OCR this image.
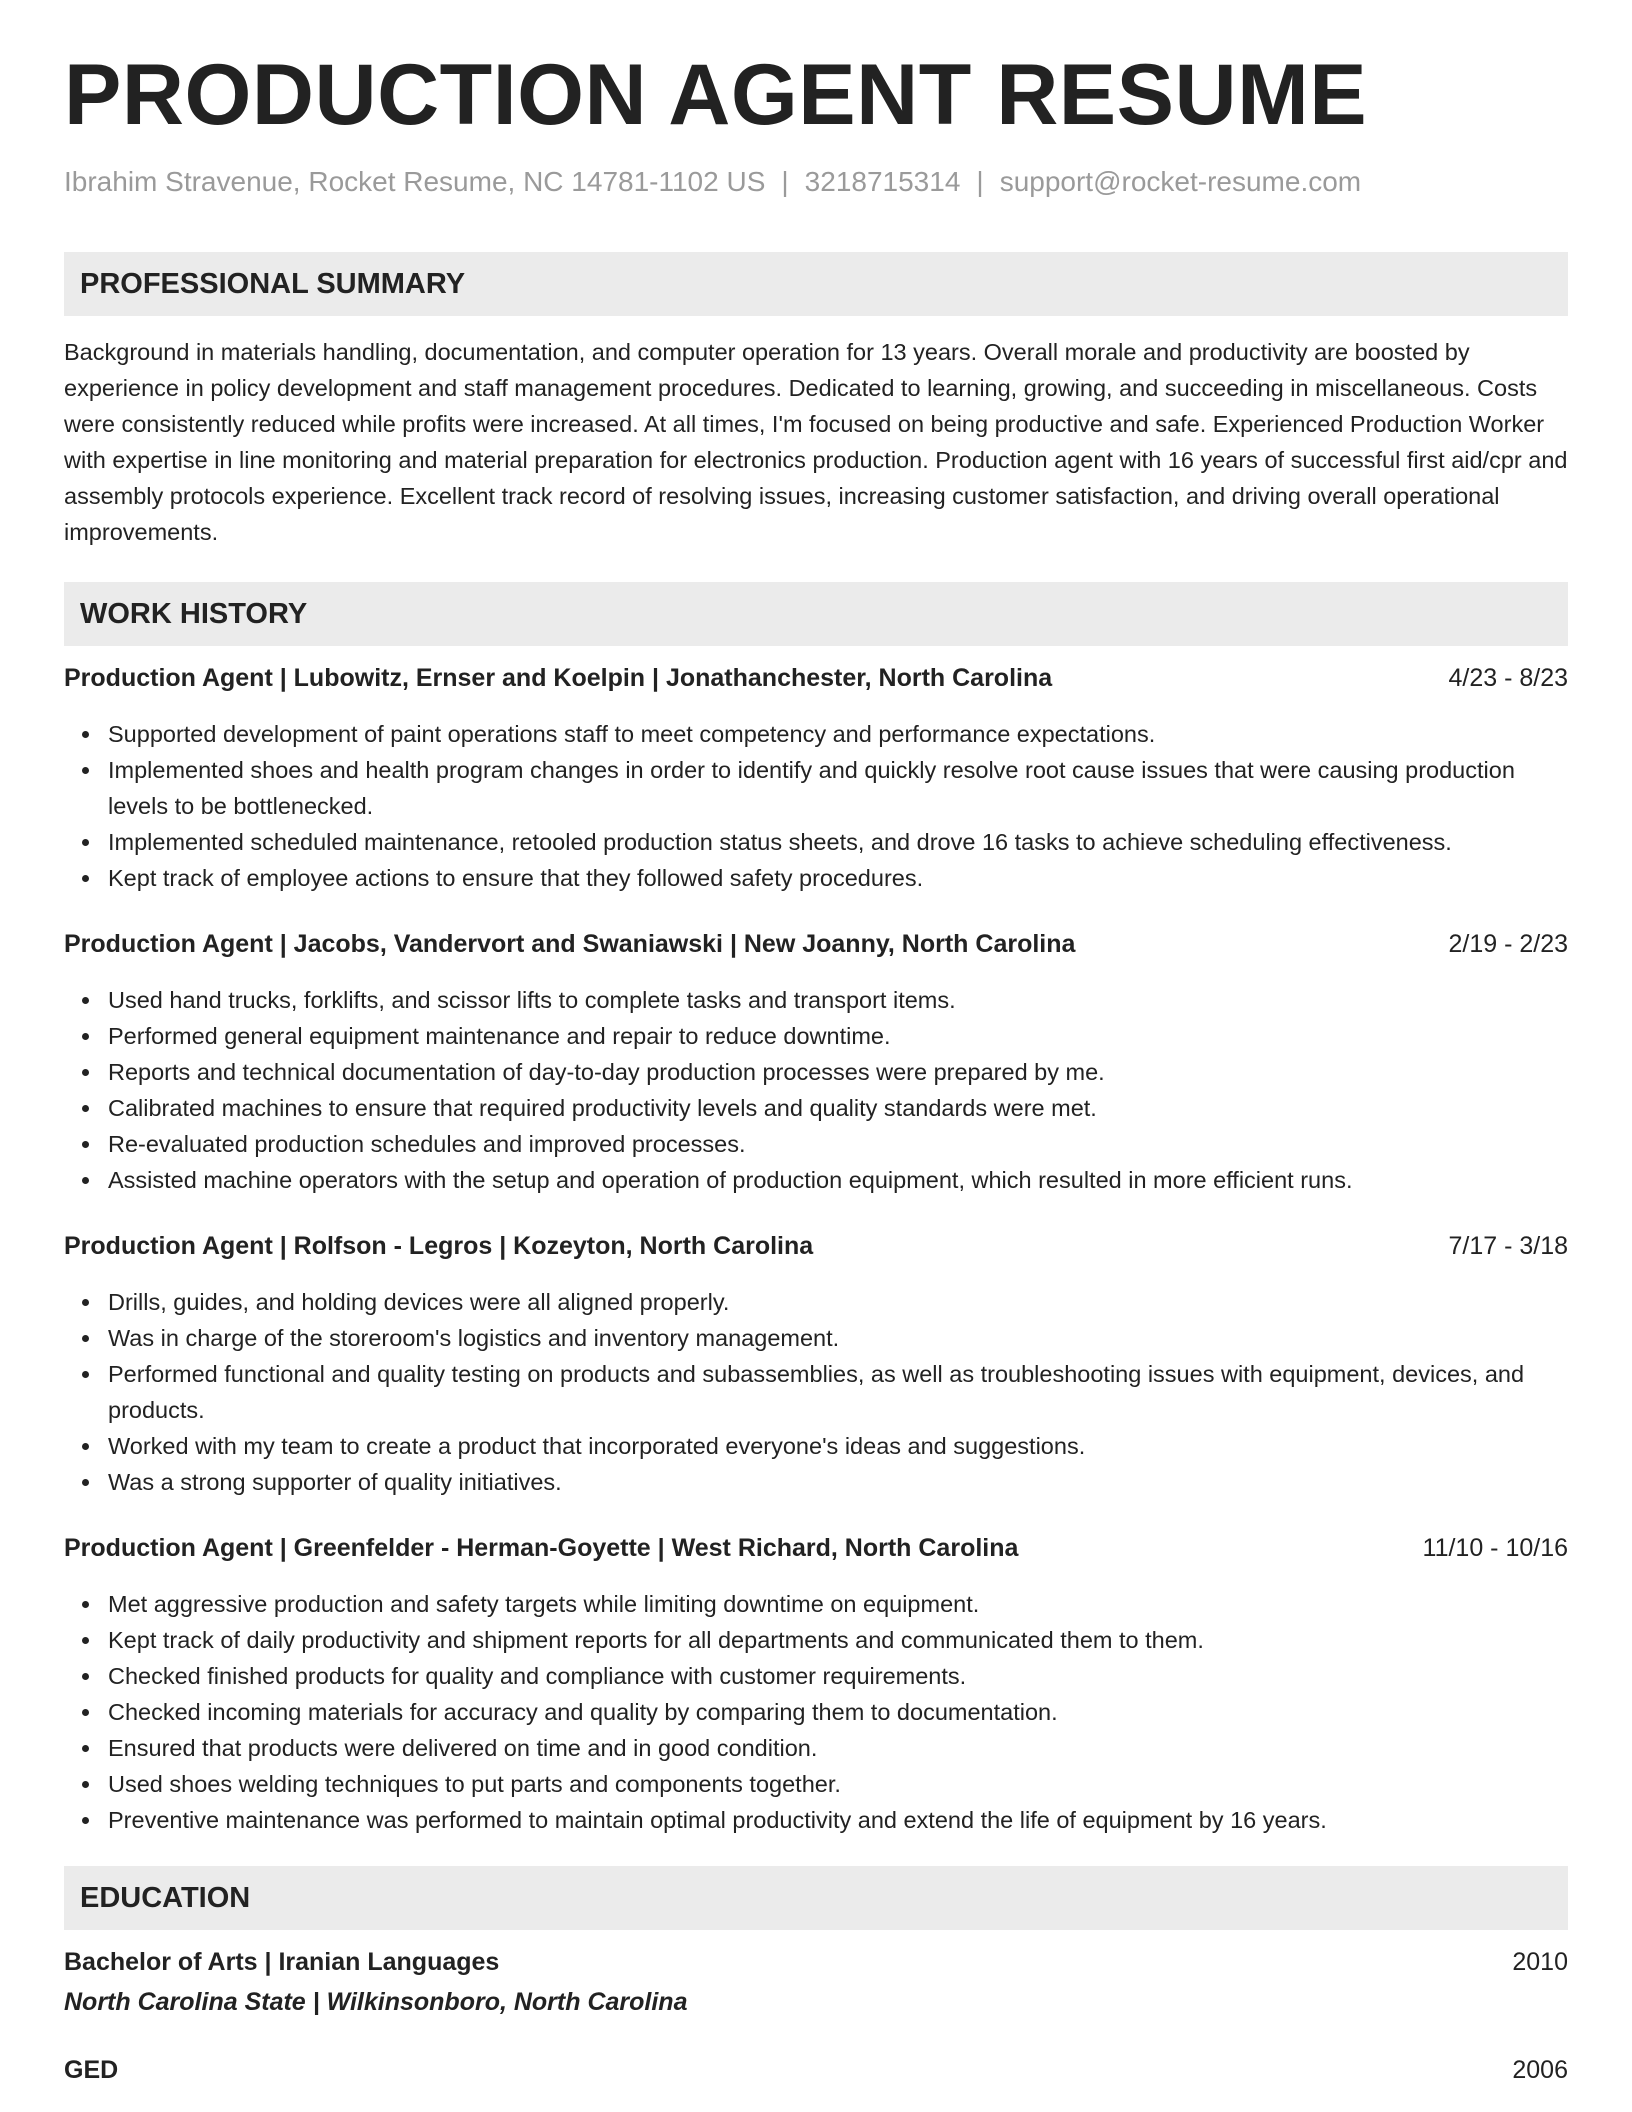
PRODUCTION AGENT RESUME
Ibrahim Stravenue, Rocket Resume, NC 14781-1102 US | 3218715314 | support@rocket-resume.com
PROFESSIONAL SUMMARY

Background in materials handling, documentation, and computer operation for 13 years. Overall morale and productivity are boosted by experience in policy development and staff management procedures. Dedicated to learning, growing, and succeeding in miscellaneous. Costs were consistently reduced while profits were increased. At all times, I'm focused on being productive and safe. Experienced Production Worker with expertise in line monitoring and material preparation for electronics production. Production agent with 16 years of successful first aid/cpr and assembly protocols experience. Excellent track record of resolving issues, increasing customer satisfaction, and driving overall operational improvements.

WORK HISTORY
Production Agent | Lubowitz, Ernser and Koelpin | Jonathanchester, North Carolina	4/23 - 8/23
Supported development of paint operations staff to meet competency and performance expectations.
Implemented shoes and health program changes in order to identify and quickly resolve root cause issues that were causing production levels to be bottlenecked.
Implemented scheduled maintenance, retooled production status sheets, and drove 16 tasks to achieve scheduling effectiveness.
Kept track of employee actions to ensure that they followed safety procedures.
Production Agent | Jacobs, Vandervort and Swaniawski | New Joanny, North Carolina	2/19 - 2/23
Used hand trucks, forklifts, and scissor lifts to complete tasks and transport items.
Performed general equipment maintenance and repair to reduce downtime.
Reports and technical documentation of day-to-day production processes were prepared by me.
Calibrated machines to ensure that required productivity levels and quality standards were met.
Re-evaluated production schedules and improved processes.
Assisted machine operators with the setup and operation of production equipment, which resulted in more efficient runs.
Production Agent | Rolfson - Legros | Kozeyton, North Carolina	7/17 - 3/18
Drills, guides, and holding devices were all aligned properly.
Was in charge of the storeroom's logistics and inventory management.
Performed functional and quality testing on products and subassemblies, as well as troubleshooting issues with equipment, devices, and products.
Worked with my team to create a product that incorporated everyone's ideas and suggestions.
Was a strong supporter of quality initiatives.
Production Agent | Greenfelder - Herman-Goyette | West Richard, North Carolina	11/10 - 10/16
Met aggressive production and safety targets while limiting downtime on equipment.
Kept track of daily productivity and shipment reports for all departments and communicated them to them.
Checked finished products for quality and compliance with customer requirements.
Checked incoming materials for accuracy and quality by comparing them to documentation.
Ensured that products were delivered on time and in good condition.
Used shoes welding techniques to put parts and components together.
Preventive maintenance was performed to maintain optimal productivity and extend the life of equipment by 16 years.
EDUCATION
Bachelor of Arts | Iranian Languages	2010
North Carolina State | Wilkinsonboro, North Carolina
GED	2006
